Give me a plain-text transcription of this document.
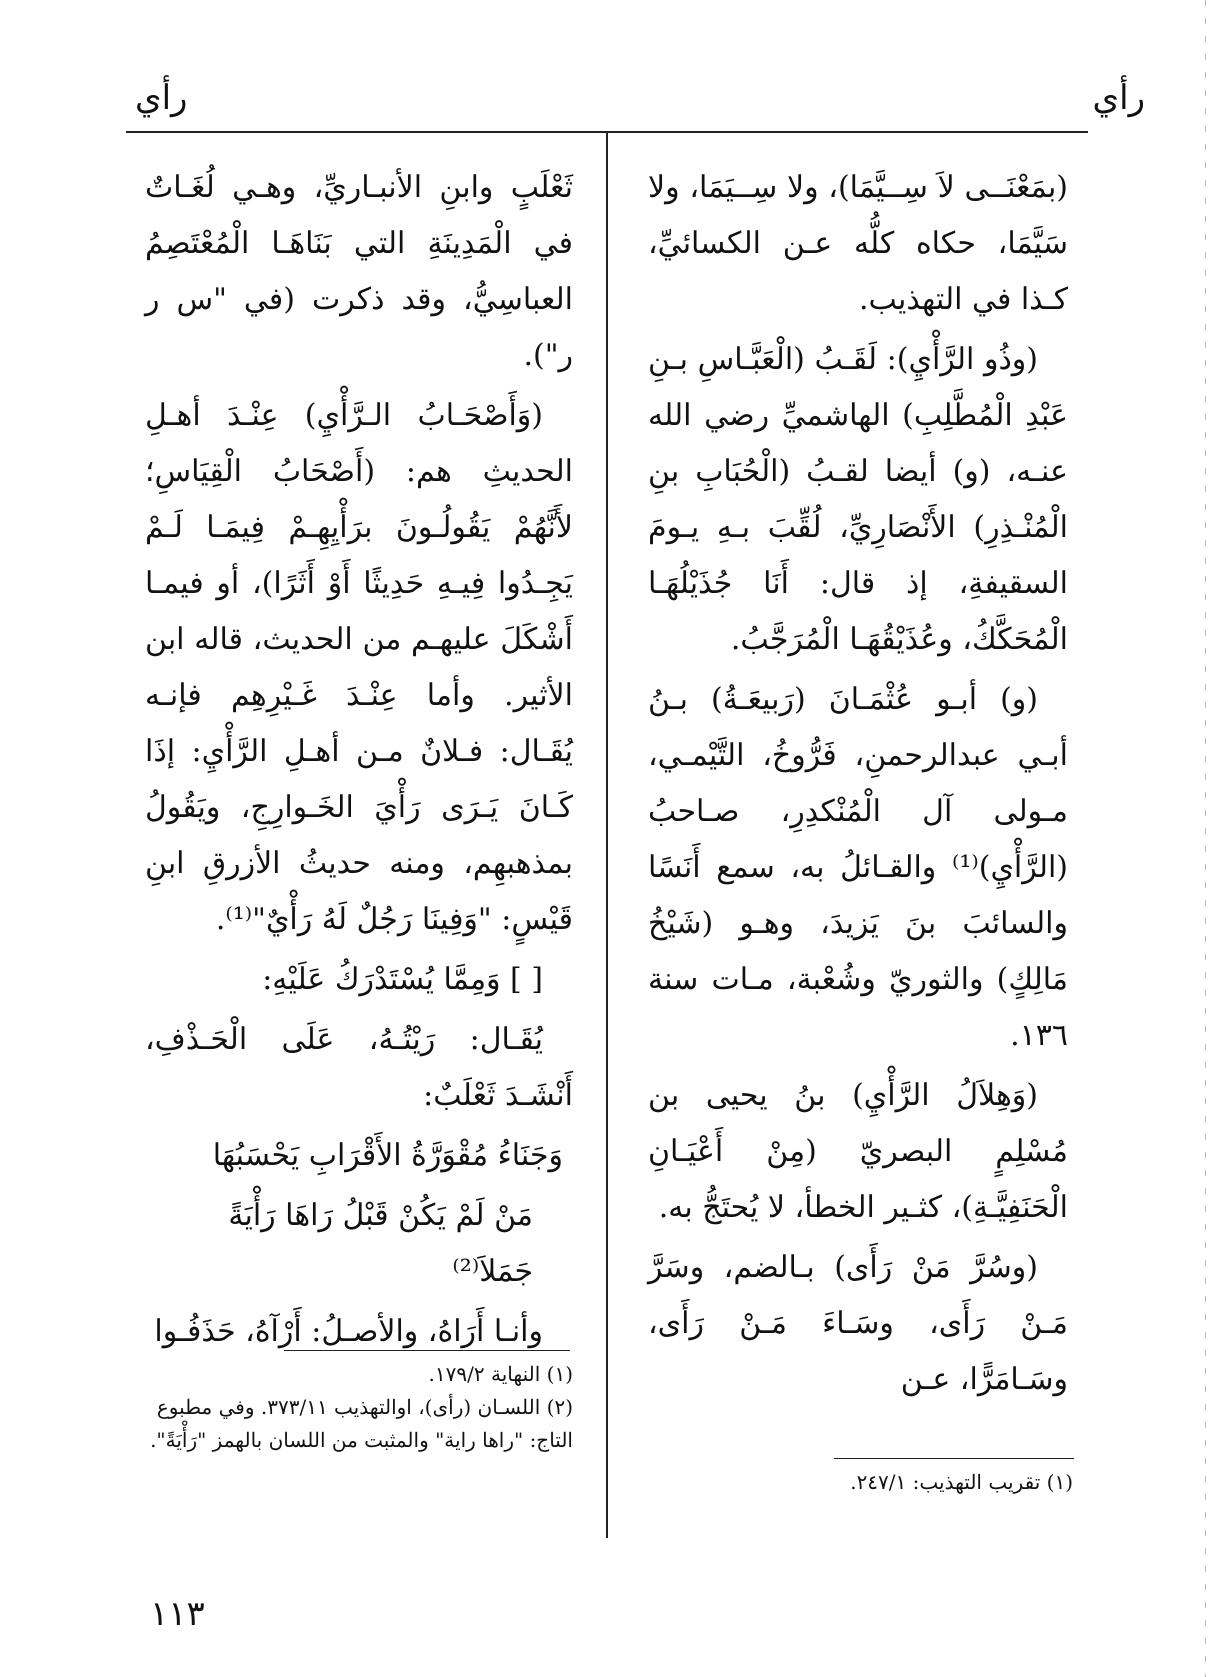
رأي
رأي

(بمَعْنَــى لاَ سِــيَّمَا)، ولا سِــيَمَا، ولا سَيَّمَا، حكاه كلُّه عـن الكسائيِّ، كـذا في التهذيب.

(وذُو الرَّأْيِ): لَقَـبُ (الْعَبَّـاسِ بـنِ عَبْدِ الْمُطَّلِبِ) الهاشميِّ رضي الله عنـه، (و) أيضا لقـبُ (الْحُبَابِ بنِ الْمُنْـذِرِ) الأَنْصَارِيِّ، لُقِّبَ بـهِ يـومَ السقيفةِ، إذ قال: أَنَا جُذَيْلُهَـا الْمُحَكَّكُ، وعُذَيْقُهَـا الْمُرَجَّبُ.

(و) أبـو عُثْمَـانَ (رَبيعَـةُ) بـنُ أبـي عبدالرحمنِ، فَرُّوخُ، التَّيْمـي، مـولى آل الْمُنْكدِرِ، صـاحبُ (الرَّأْيِ)⁽¹⁾ والقـائلُ به، سمع أَنَسًا والسائبَ بنَ يَزيدَ، وهـو (شَيْخُ مَالِكٍ) والثوريّ وشُعْبة، مـات سنة ١٣٦.

(وَهِلاَلُ الرَّأْيِ) بنُ يحيى بن مُسْلِمٍ البصريّ (مِنْ أَعْيَـانِ الْحَنَفِيَّـةِ)، كثـير الخطأ، لا يُحتَجُّ به.

(وسُرَّ مَنْ رَأَى) بـالضم، وسَرَّ مَـنْ رَأَى، وسَـاءَ مَـنْ رَأَى، وسَـامَرًّا، عـن

(١) تقريب التهذيب: ٢٤٧/١.

ثَعْلَبٍ وابنِ الأنبـاريِّ، وهـي لُغَـاتٌ في الْمَدِينَةِ التي بَنَاهَـا الْمُعْتَصِمُ العباسِيُّ، وقد ذكرت (في "س ر ر").

(وَأَصْحَـابُ الـرَّأْيِ) عِنْـدَ أهـلِ الحديثِ هم: (أَصْحَابُ الْقِيَاسِ؛ لأَنَّهُمْ يَقُولُـونَ برَأْيِهِـمْ فِيمَـا لَـمْ يَجِـدُوا فِيـهِ حَدِيثًا أَوْ أَثَرًا)، أو فيمـا أَشْكَلَ عليهـم من الحديث، قاله ابن الأثير. وأما عِنْـدَ غَـيْرِهِم فإنـه يُقَـال: فـلانٌ مـن أهـلِ الرَّأْيِ: إذَا كَـانَ يَـرَى رَأْيَ الخَـوارِجِ، ويَقُولُ بمذهبهِم، ومنه حديثُ الأزرقِ ابنِ قَيْسٍ: "وَفِينَا رَجُلٌ لَهُ رَأْيٌ"⁽¹⁾.

[ ] وَمِمَّا يُسْتَدْرَكُ عَلَيْهِ:

يُقَـال: رَيْتُـهُ، عَلَى الْحَـذْفِ، أَنْشَـدَ ثَعْلَبٌ:

وَجَنَاءُ مُقْوَرَّةُ الأَقْرَابِ يَحْسَبُهَا

مَنْ لَمْ يَكُنْ قَبْلُ رَاهَا رَأْيَةً جَمَلاَ⁽²⁾

وأنـا أَرَاهُ، والأصـلُ: أَرْآهُ، حَذَفُـوا

(١) النهاية ١٧٩/٢.
(٢) اللسـان (رأى)، اوالتهذيب ٣٧٣/١١. وفي مطبوع التاج: "راها راية" والمثبت من اللسان بالهمز "رَأْيَةً".
١١٣
